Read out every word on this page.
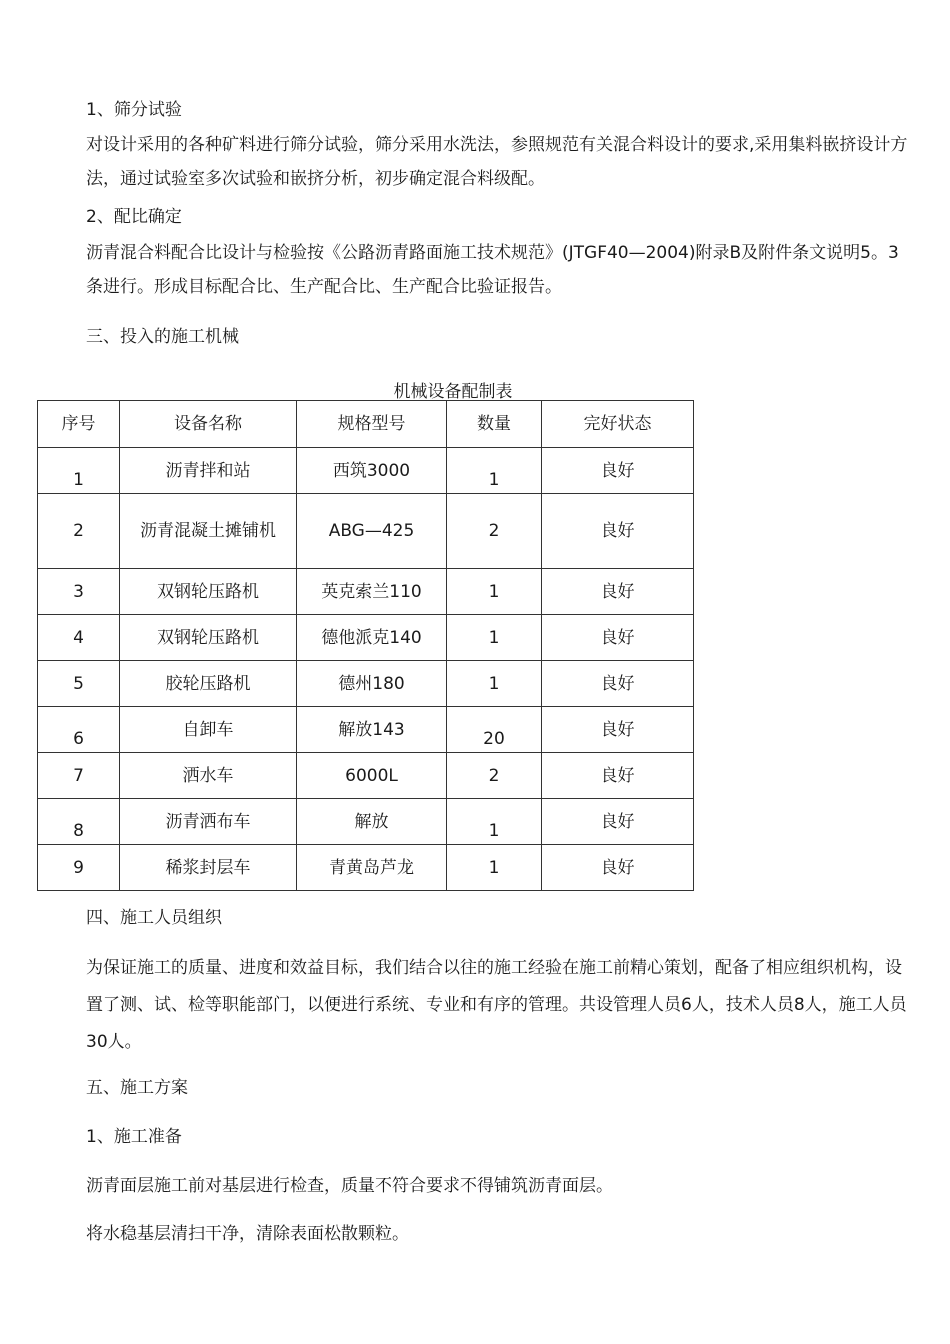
1、筛分试验
对设计采用的各种矿料进行筛分试验，筛分采用水洗法，参照规范有关混合料设计的要求,采用集料嵌挤设计方法，通过试验室多次试验和嵌挤分析，初步确定混合料级配。
2、配比确定
沥青混合料配合比设计与检验按《公路沥青路面施工技术规范》(JTGF40—2004)附录B及附件条文说明5。3条进行。形成目标配合比、生产配合比、生产配合比验证报告。
三、投入的施工机械
机械设备配制表
序号	设备名称	规格型号	数量	完好状态
1	沥青拌和站	西筑3000	1	良好
2	沥青混凝土摊铺机	ABG—425	2	良好
3	双钢轮压路机	英克索兰110	1	良好
4	双钢轮压路机	德他派克140	1	良好
5	胶轮压路机	德州180	1	良好
6	自卸车	解放143	20	良好
7	洒水车	6000L	2	良好
8	沥青洒布车	解放	1	良好
9	稀浆封层车	青黄岛芦龙	1	良好
四、施工人员组织
为保证施工的质量、进度和效益目标，我们结合以往的施工经验在施工前精心策划，配备了相应组织机构，设置了测、试、检等职能部门，以便进行系统、专业和有序的管理。共设管理人员6人，技术人员8人，施工人员30人。
五、施工方案
1、施工准备
沥青面层施工前对基层进行检查，质量不符合要求不得铺筑沥青面层。
将水稳基层清扫干净，清除表面松散颗粒。
